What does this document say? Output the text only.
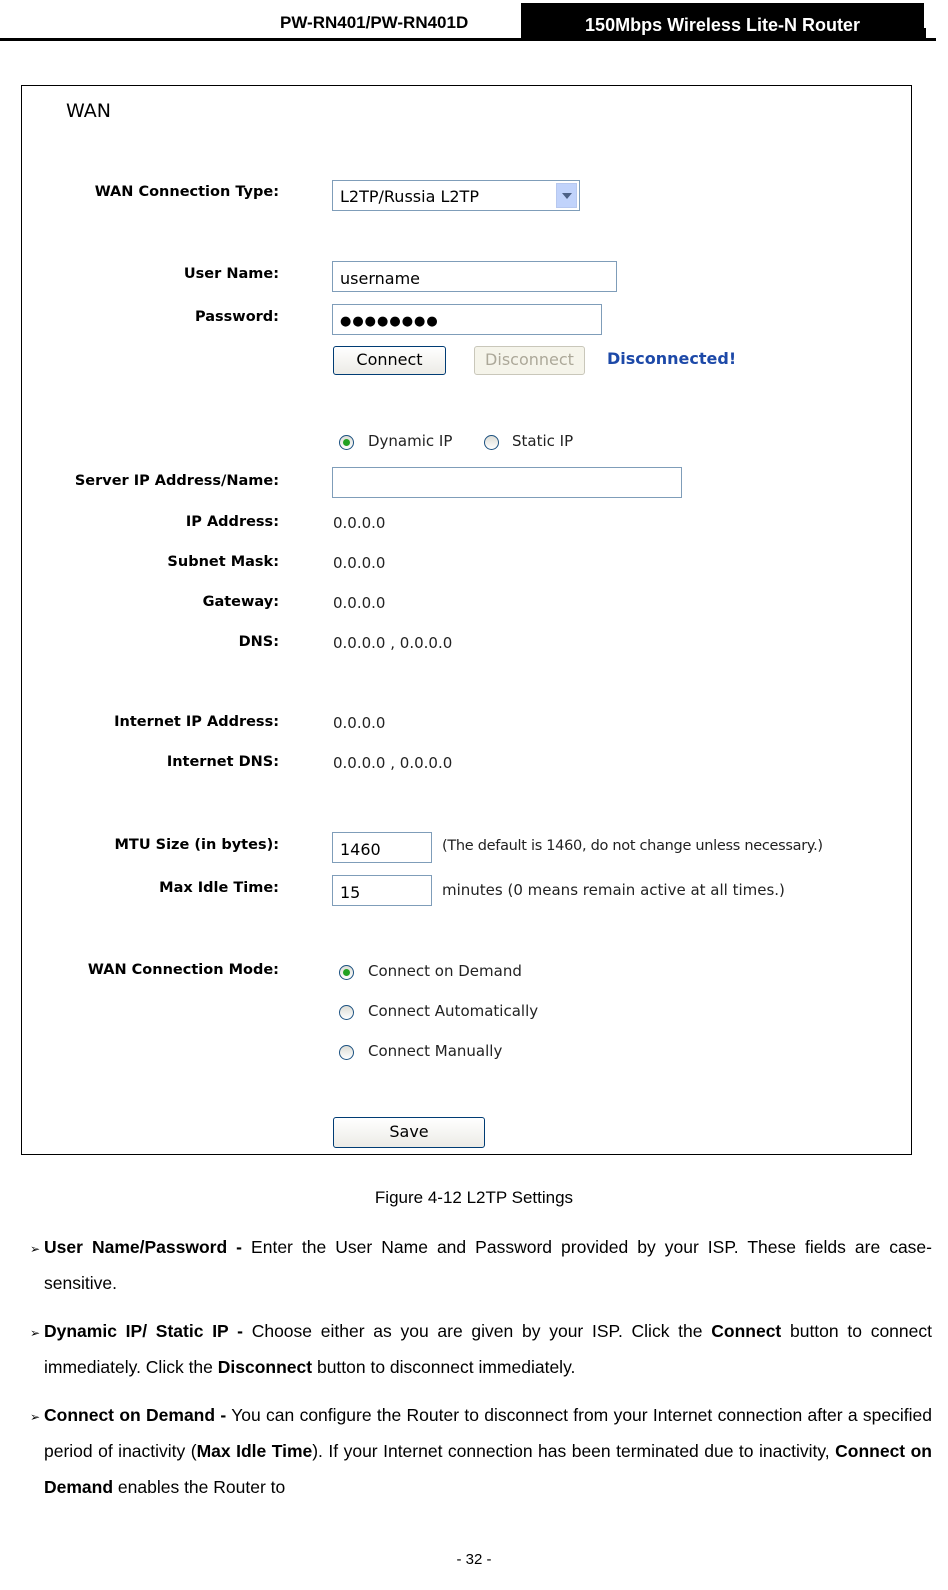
PW-RN401/PW-RN401D	150Mbps Wireless Lite-N Router
WAN
WAN Connection Type:	L2TP/Russia L2TP
User Name:	username
Password:	●●●●●●●●
Connect	Disconnect	Disconnected!
Dynamic IP	Static IP
Server IP Address/Name:
IP Address:	0.0.0.0
Subnet Mask:	0.0.0.0
Gateway:	0.0.0.0
DNS:	0.0.0.0 , 0.0.0.0
Internet IP Address:	0.0.0.0
Internet DNS:	0.0.0.0 , 0.0.0.0
MTU Size (in bytes):	1460	(The default is 1460, do not change unless necessary.)
Max Idle Time:	15	minutes (0 means remain active at all times.)
WAN Connection Mode:	Connect on Demand
Connect Automatically
Connect Manually
Save
Figure 4-12 L2TP Settings
➢ User Name/Password - Enter the User Name and Password provided by your ISP. These fields are case-sensitive.
➢ Dynamic IP/ Static IP - Choose either as you are given by your ISP. Click the Connect button to connect immediately. Click the Disconnect button to disconnect immediately.
➢ Connect on Demand - You can configure the Router to disconnect from your Internet connection after a specified period of inactivity (Max Idle Time). If your Internet connection has been terminated due to inactivity, Connect on Demand enables the Router to
- 32 -
